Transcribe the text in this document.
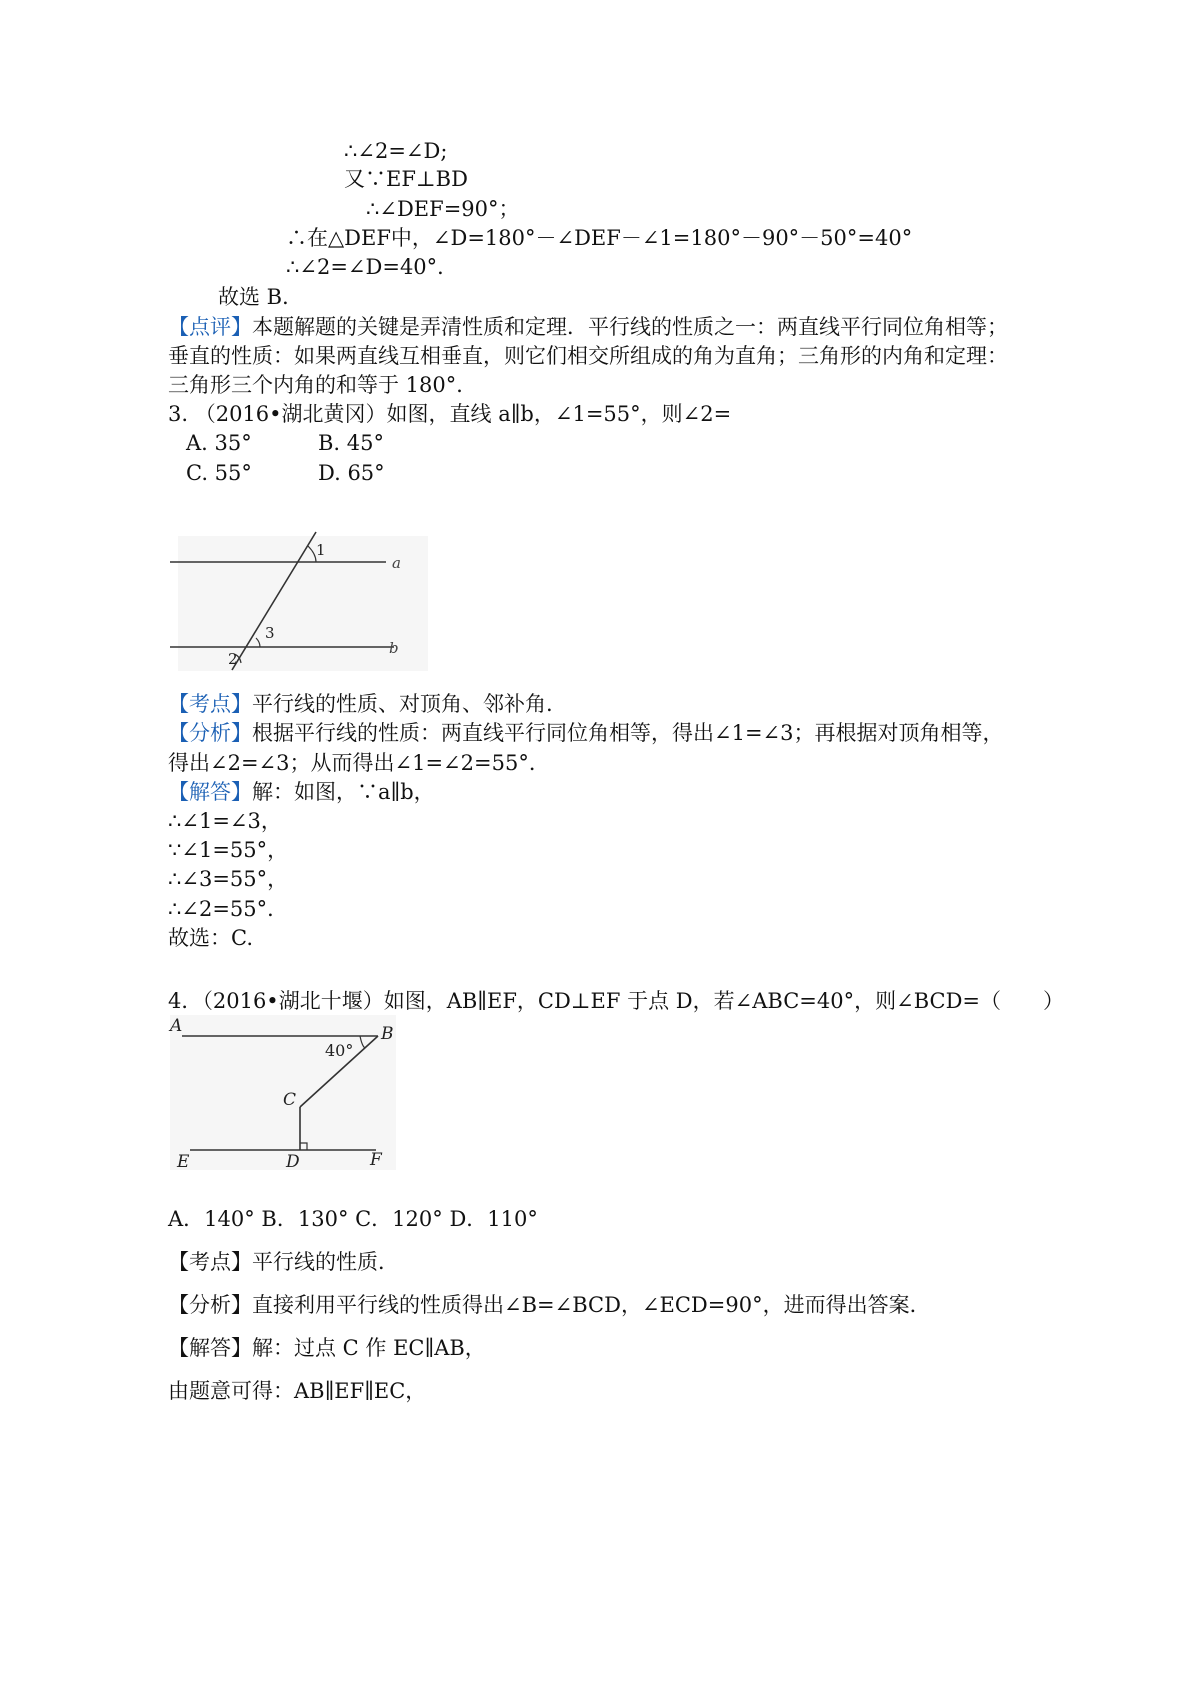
∴∠2=∠D;
又∵EF⊥BD
∴∠DEF=90°；
∴在△DEF中，∠D=180°－∠DEF－∠1=180°－90°－50°=40°
∴∠2=∠D=40°．
故选 B．
【点评】本题解题的关键是弄清性质和定理．平行线的性质之一：两直线平行同位角相等；
垂直的性质：如果两直线互相垂直，则它们相交所组成的角为直角；三角形的内角和定理：
三角形三个内角的和等于 180°．
3. （2016•湖北黄冈）如图，直线 a∥b，∠1=55°，则∠2=
A. 35°	B. 45°
C. 55°	D. 65°
1
3
2
a
b
【考点】平行线的性质、对顶角、邻补角.
【分析】根据平行线的性质：两直线平行同位角相等，得出∠1=∠3；再根据对顶角相等，
得出∠2=∠3；从而得出∠1=∠2=55°．
【解答】解：如图，∵a∥b，
∴∠1=∠3，
∵∠1=55°，
∴∠3=55°，
∴∠2=55°．
故选：C.
4．（2016•湖北十堰）如图，AB∥EF，CD⊥EF 于点 D，若∠ABC=40°，则∠BCD=（　　）
A	B
40°
C
E	D	F
A．140° B．130° C．120° D．110°
【考点】平行线的性质．
【分析】直接利用平行线的性质得出∠B=∠BCD，∠ECD=90°，进而得出答案．
【解答】解：过点 C 作 EC∥AB，
由题意可得：AB∥EF∥EC，
